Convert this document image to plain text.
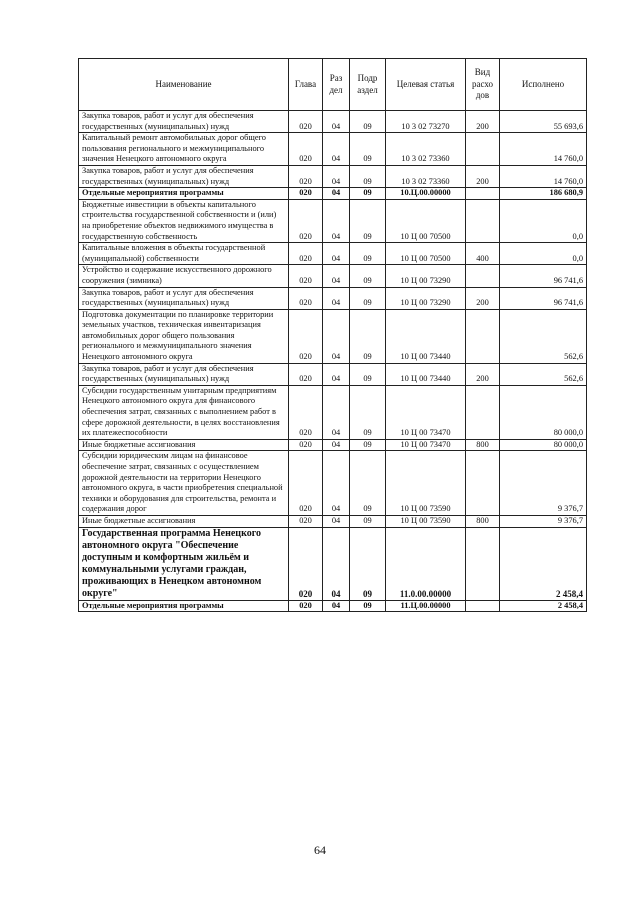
Наименование	Глава	Раз дел	Подр аздел	Целевая статья	Вид расхо дов	Исполнено
Закупка товаров, работ и услуг для обеспечения государственных (муниципальных) нужд	020	04	09	10 3 02 73270	200	55 693,6
Капитальный ремонт автомобильных дорог общего пользования регионального и межмуниципального значения Ненецкого автономного округа	020	04	09	10 3 02 73360		14 760,0
Закупка товаров, работ и услуг для обеспечения государственных (муниципальных) нужд	020	04	09	10 3 02 73360	200	14 760,0
Отдельные мероприятия программы	020	04	09	10.Ц.00.00000		186 680,9
Бюджетные инвестиции в объекты капитального строительства государственной собственности и (или) на приобретение объектов недвижимого имущества в государственную собственность	020	04	09	10 Ц 00 70500		0,0
Капитальные вложения в объекты государственной (муниципальной) собственности	020	04	09	10 Ц 00 70500	400	0,0
Устройство и содержание искусственного дорожного сооружения (зимника)	020	04	09	10 Ц 00 73290		96 741,6
Закупка товаров, работ и услуг для обеспечения государственных (муниципальных) нужд	020	04	09	10 Ц 00 73290	200	96 741,6
Подготовка документации по планировке территории земельных участков, техническая инвентаризация автомобильных дорог общего пользования регионального и межмуниципального значения Ненецкого автономного округа	020	04	09	10 Ц 00 73440		562,6
Закупка товаров, работ и услуг для обеспечения государственных (муниципальных) нужд	020	04	09	10 Ц 00 73440	200	562,6
Субсидии государственным унитарным предприятиям Ненецкого автономного округа для финансового обеспечения затрат, связанных с выполнением работ в сфере дорожной деятельности, в целях восстановления их платежеспособности	020	04	09	10 Ц 00 73470		80 000,0
Иные бюджетные ассигнования	020	04	09	10 Ц 00 73470	800	80 000,0
Субсидии юридическим лицам на финансовое обеспечение затрат, связанных с осуществлением дорожной деятельности на территории Ненецкого автономного округа, в части приобретения специальной техники и оборудования для строительства, ремонта и содержания дорог	020	04	09	10 Ц 00 73590		9 376,7
Иные бюджетные ассигнования	020	04	09	10 Ц 00 73590	800	9 376,7
Государственная программа Ненецкого автономного округа "Обеспечение доступным и комфортным жильём и коммунальными услугами граждан, проживающих в Ненецком автономном округе"	020	04	09	11.0.00.00000		2 458,4
Отдельные мероприятия программы	020	04	09	11.Ц.00.00000		2 458,4
64
